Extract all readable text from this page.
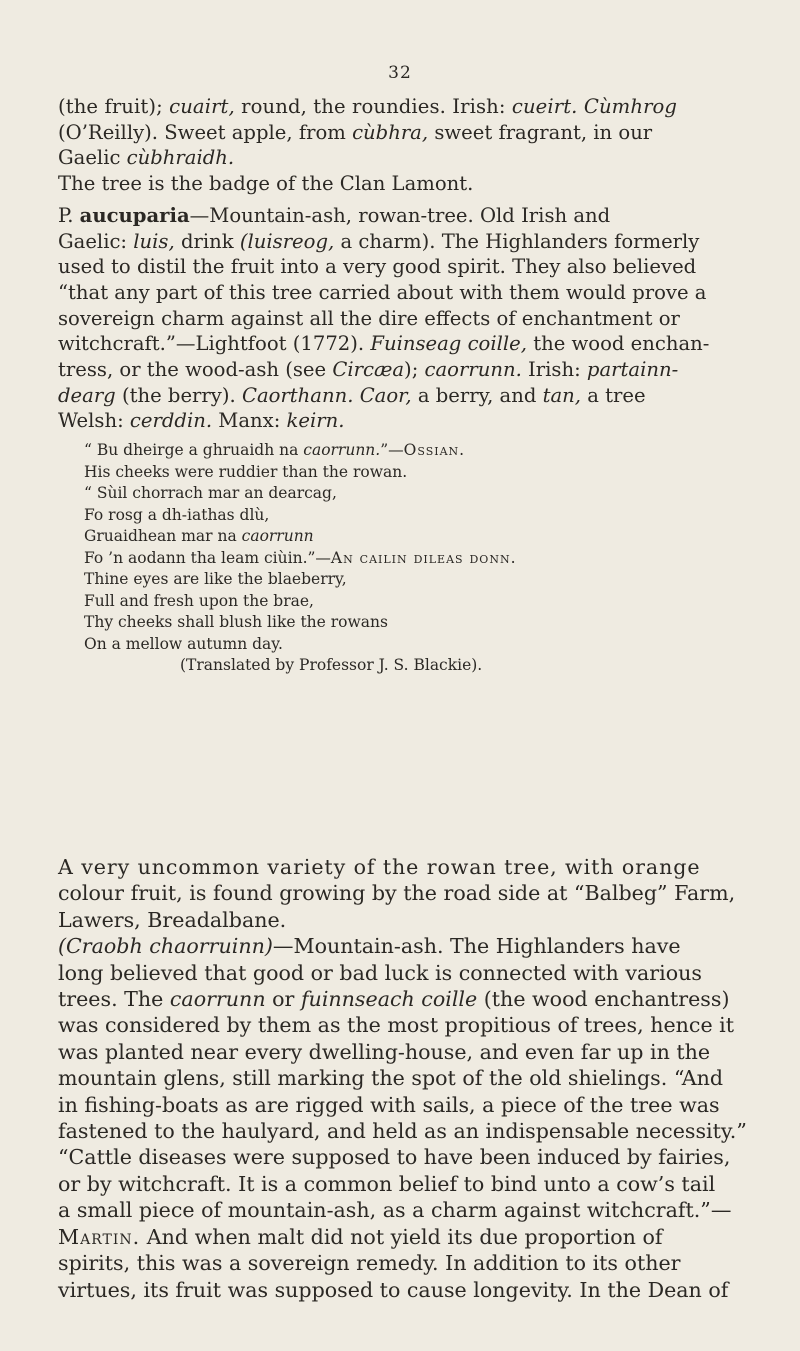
32

(the fruit); cuairt, round, the roundies. Irish: cueirt. Cùmhrog

(O’Reilly). Sweet apple, from cùbhra, sweet fragrant, in our

Gaelic cùbhraidh.

The tree is the badge of the Clan Lamont.

P. aucuparia—Mountain-ash, rowan-tree. Old Irish and

Gaelic: luis, drink (luisreog, a charm). The Highlanders formerly

used to distil the fruit into a very good spirit. They also believed

“that any part of this tree carried about with them would prove a

sovereign charm against all the dire effects of enchantment or

witchcraft.”—Lightfoot (1772). Fuinseag coille, the wood enchan-

tress, or the wood-ash (see Circæa); caorrunn. Irish: partainn-

dearg (the berry). Caorthann. Caor, a berry, and tan, a tree

Welsh: cerddin. Manx: keirn.

“ Bu dheirge a ghruaidh na caorrunn.”—Ossian.

His cheeks were ruddier than the rowan.

“ Sùil chorrach mar an dearcag,

Fo rosg a dh-iathas dlù,

Gruaidhean mar na caorrunn

Fo ’n aodann tha leam ciùin.”—An cailin dileas donn.

Thine eyes are like the blaeberry,

Full and fresh upon the brae,

Thy cheeks shall blush like the rowans

On a mellow autumn day.

(Translated by Professor J. S. Blackie).

A very uncommon variety of the rowan tree, with orange

colour fruit, is found growing by the road side at “Balbeg” Farm,

Lawers, Breadalbane.

(Craobh chaorruinn)—Mountain-ash. The Highlanders have

long believed that good or bad luck is connected with various

trees. The caorrunn or fuinnseach coille (the wood enchantress)

was considered by them as the most propitious of trees, hence it

was planted near every dwelling-house, and even far up in the

mountain glens, still marking the spot of the old shielings. “And

in fishing-boats as are rigged with sails, a piece of the tree was

fastened to the haulyard, and held as an indispensable necessity.”

“Cattle diseases were supposed to have been induced by fairies,

or by witchcraft. It is a common belief to bind unto a cow’s tail

a small piece of mountain-ash, as a charm against witchcraft.”—

Martin. And when malt did not yield its due proportion of

spirits, this was a sovereign remedy. In addition to its other

virtues, its fruit was supposed to cause longevity. In the Dean of
